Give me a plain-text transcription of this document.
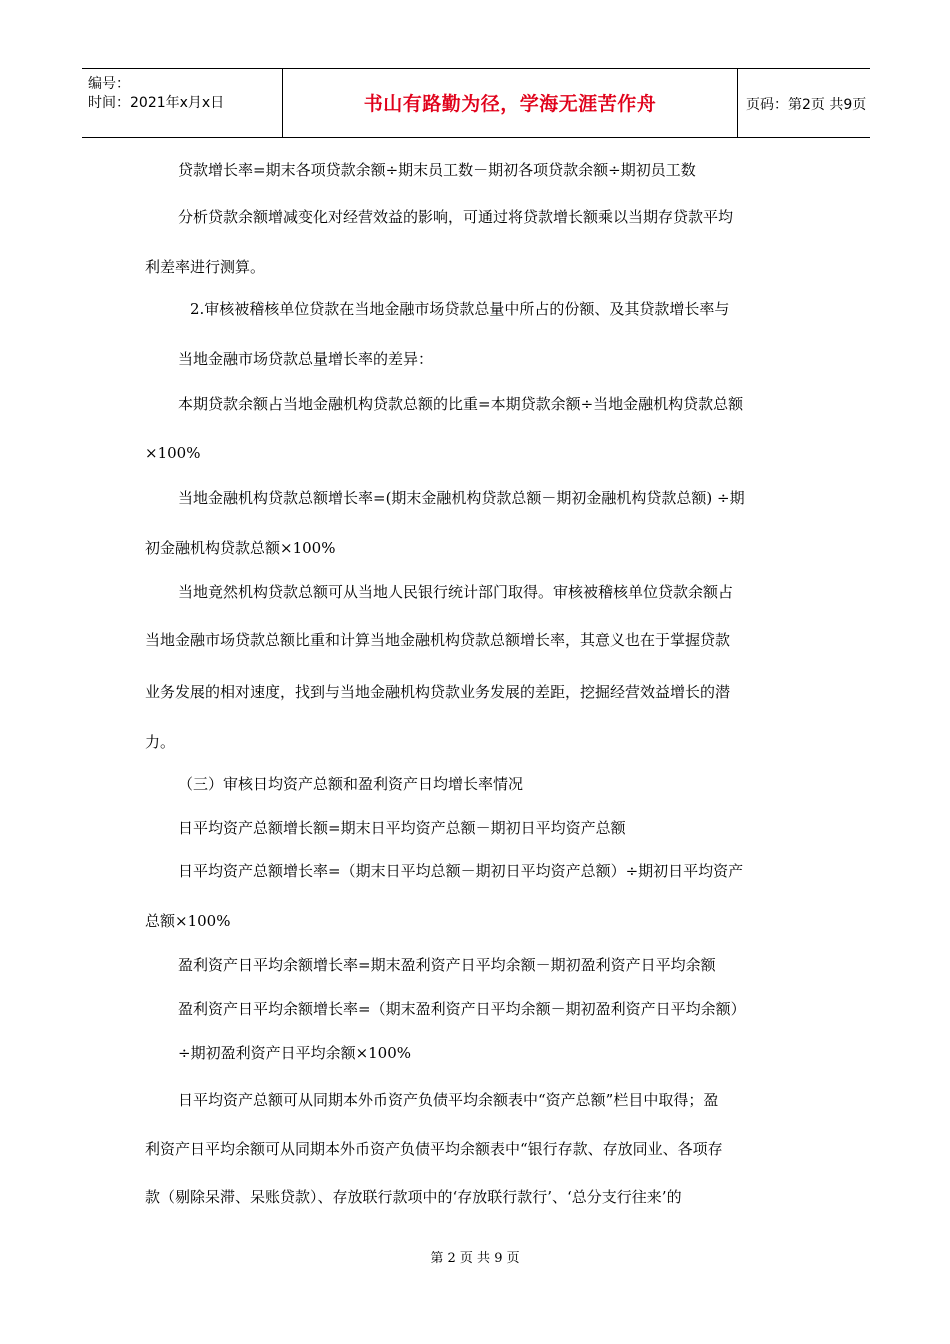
编号：
时间：2021年x月x日	书山有路勤为径，学海无涯苦作舟	页码：第2页 共9页
贷款增长率=期末各项贷款余额÷期末员工数－期初各项贷款余额÷期初员工数
分析贷款余额增减变化对经营效益的影响，可通过将贷款增长额乘以当期存贷款平均
利差率进行测算。
2.审核被稽核单位贷款在当地金融市场贷款总量中所占的份额、及其贷款增长率与
当地金融市场贷款总量增长率的差异：
本期贷款余额占当地金融机构贷款总额的比重=本期贷款余额÷当地金融机构贷款总额
×100%
当地金融机构贷款总额增长率=(期末金融机构贷款总额－期初金融机构贷款总额) ÷期
初金融机构贷款总额×100%
当地竟然机构贷款总额可从当地人民银行统计部门取得。审核被稽核单位贷款余额占
当地金融市场贷款总额比重和计算当地金融机构贷款总额增长率，其意义也在于掌握贷款
业务发展的相对速度，找到与当地金融机构贷款业务发展的差距，挖掘经营效益增长的潜
力。
（三）审核日均资产总额和盈利资产日均增长率情况
日平均资产总额增长额=期末日平均资产总额－期初日平均资产总额
日平均资产总额增长率=（期末日平均总额－期初日平均资产总额）÷期初日平均资产
总额×100%
盈利资产日平均余额增长率=期末盈利资产日平均余额－期初盈利资产日平均余额
盈利资产日平均余额增长率=（期末盈利资产日平均余额－期初盈利资产日平均余额）
÷期初盈利资产日平均余额×100%
日平均资产总额可从同期本外币资产负债平均余额表中“资产总额”栏目中取得；盈
利资产日平均余额可从同期本外币资产负债平均余额表中“银行存款、存放同业、各项存
款（剔除呆滞、呆账贷款）、存放联行款项中的‘存放联行款行’、‘总分支行往来’的
第 2 页 共 9 页
